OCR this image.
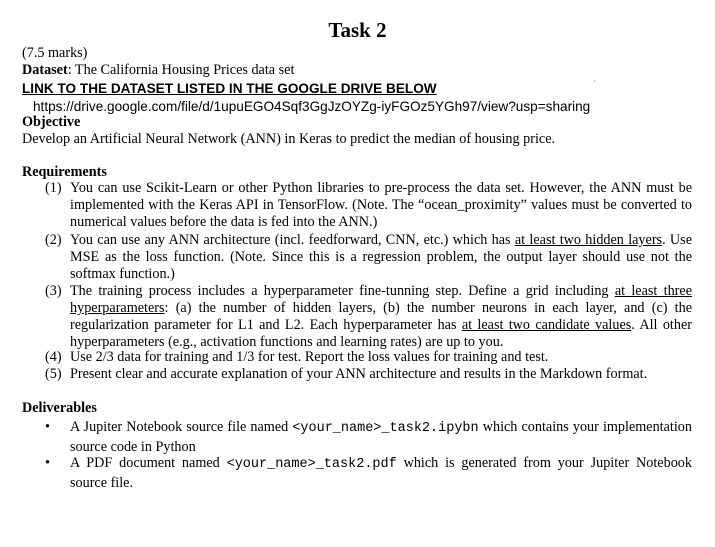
Task 2
(7.5 marks)
Dataset: The California Housing Prices data set
LINK TO THE DATASET LISTED IN THE GOOGLE DRIVE BELOW	`
https://drive.google.com/file/d/1upuEGO4Sqf3GgJzOYZg-iyFGOz5YGh97/view?usp=sharing
Objective
Develop an Artificial Neural Network (ANN) in Keras to predict the median of housing price.
Requirements
(1) You can use Scikit-Learn or other Python libraries to pre-process the data set. However, the ANN must be implemented with the Keras API in TensorFlow. (Note. The “ocean_proximity” values must be converted to numerical values before the data is fed into the ANN.)
(2) You can use any ANN architecture (incl. feedforward, CNN, etc.) which has at least two hidden layers. Use MSE as the loss function. (Note. Since this is a regression problem, the output layer should use not the softmax function.)
(3) The training process includes a hyperparameter fine-tunning step. Define a grid including at least three hyperparameters: (a) the number of hidden layers, (b) the number neurons in each layer, and (c) the regularization parameter for L1 and L2. Each hyperparameter has at least two candidate values. All other hyperparameters (e.g., activation functions and learning rates) are up to you.
(4) Use 2/3 data for training and 1/3 for test. Report the loss values for training and test.
(5) Present clear and accurate explanation of your ANN architecture and results in the Markdown format.
Deliverables
• A Jupiter Notebook source file named <your_name>_task2.ipybn which contains your implementation source code in Python
• A PDF document named <your_name>_task2.pdf which is generated from your Jupiter Notebook source file.
